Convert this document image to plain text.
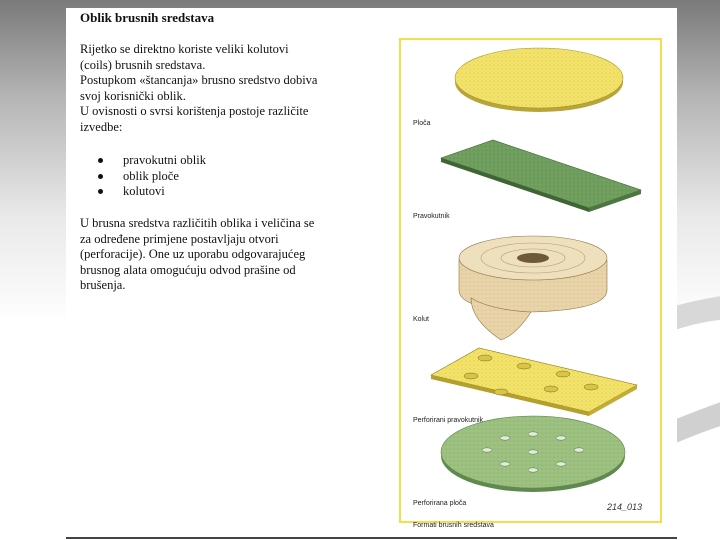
Oblik brusnih sredstava

Rijetko se direktno koriste veliki kolutovi

(coils) brusnih sredstava.

Postupkom «štancanja» brusno sredstvo dobiva

svoj korisnički oblik.

U ovisnosti o svrsi korištenja postoje različite

izvedbe:

pravokutni oblik
oblik ploče
kolutovi

U brusna sredstva različitih oblika i veličina se

za određene primjene postavljaju otvori

(perforacije). One uz uporabu odgovarajućeg

brusnog alata omogućuju odvod prašine od

brušenja.

Ploča
Pravokutnik
Kolut
Perforirani pravokutnik
Perforirana ploča	214_013
Formati brusnih sredstava
